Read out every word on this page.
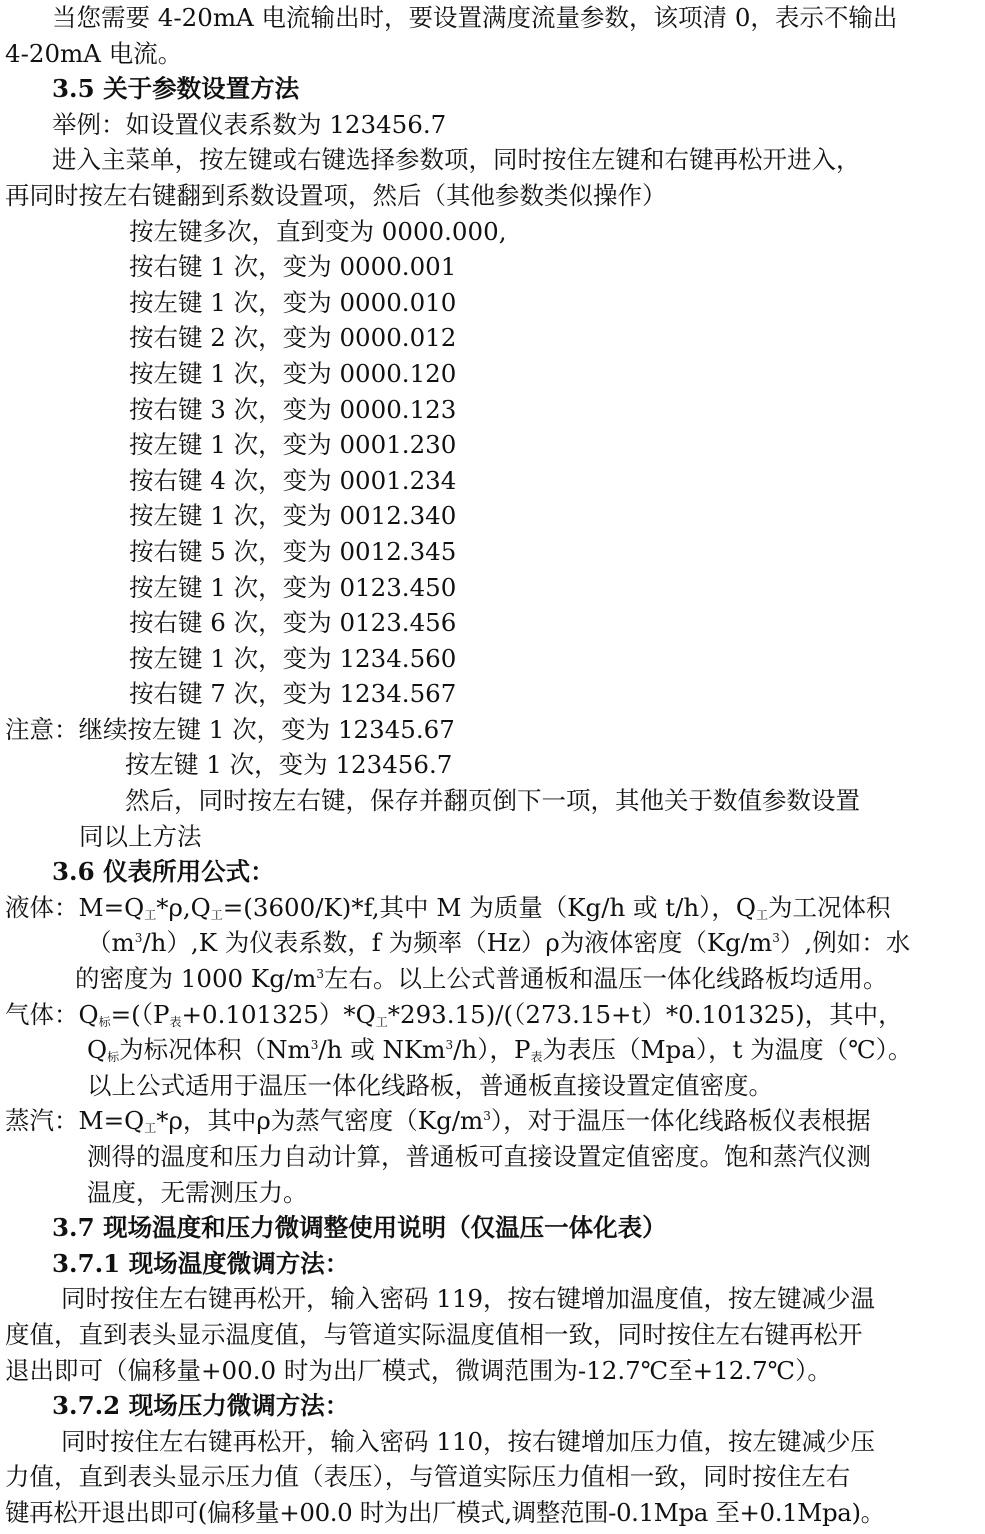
当您需要 4-20mA 电流输出时，要设置满度流量参数，该项清 0，表示不输出
4-20mA 电流。
3.5 关于参数设置方法
举例：如设置仪表系数为 123456.7
进入主菜单，按左键或右键选择参数项，同时按住左键和右键再松开进入，
再同时按左右键翻到系数设置项，然后（其他参数类似操作）
按左键多次，直到变为 0000.000,
按右键 1 次，变为 0000.001
按左键 1 次，变为 0000.010
按右键 2 次，变为 0000.012
按左键 1 次，变为 0000.120
按右键 3 次，变为 0000.123
按左键 1 次，变为 0001.230
按右键 4 次，变为 0001.234
按左键 1 次，变为 0012.340
按右键 5 次，变为 0012.345
按左键 1 次，变为 0123.450
按右键 6 次，变为 0123.456
按左键 1 次，变为 1234.560
按右键 7 次，变为 1234.567
注意：继续按左键 1 次，变为 12345.67
按左键 1 次，变为 123456.7
然后，同时按左右键，保存并翻页倒下一项，其他关于数值参数设置
同以上方法
3.6 仪表所用公式：
液体：$M=Q_工*\rho,Q_工=(3600/K)*f$,其中 M 为质量（Kg/h 或 t/h），$Q_工$为工况体积
$(m^3/h),K$ 为仪表系数，f 为频率（Hz）ρ为液体密度$(Kg/m^3)$,例如：水
的密度为 1000 $Kg/m^3$左右。以上公式普通板和温压一体化线路板均适用。
气体：$Q_标=((P_表+0.101325)*Q_工*293.15)/((273.15+t)*0.101325)$，其中，
$Q_标$为标况体积（Nm$^3$/h 或 NKm$^3$/h），$P_表$为表压（Mpa），t 为温度（℃）。
以上公式适用于温压一体化线路板，普通板直接设置定值密度。
蒸汽：$M=Q_工*\rho$，其中ρ为蒸气密度$(Kg/m^3)$，对于温压一体化线路板仪表根据
测得的温度和压力自动计算，普通板可直接设置定值密度。饱和蒸汽仪测
温度，无需测压力。
3.7 现场温度和压力微调整使用说明（仅温压一体化表）
3.7.1 现场温度微调方法：
同时按住左右键再松开，输入密码 119，按右键增加温度值，按左键减少温
度值，直到表头显示温度值，与管道实际温度值相一致，同时按住左右键再松开
退出即可（偏移量+00.0 时为出厂模式，微调范围为-12.7℃至+12.7℃）。
3.7.2 现场压力微调方法：
同时按住左右键再松开，输入密码 110，按右键增加压力值，按左键减少压
力值，直到表头显示压力值（表压），与管道实际压力值相一致，同时按住左右
键再松开退出即可(偏移量+00.0 时为出厂模式,调整范围-0.1Mpa 至+0.1Mpa)。
